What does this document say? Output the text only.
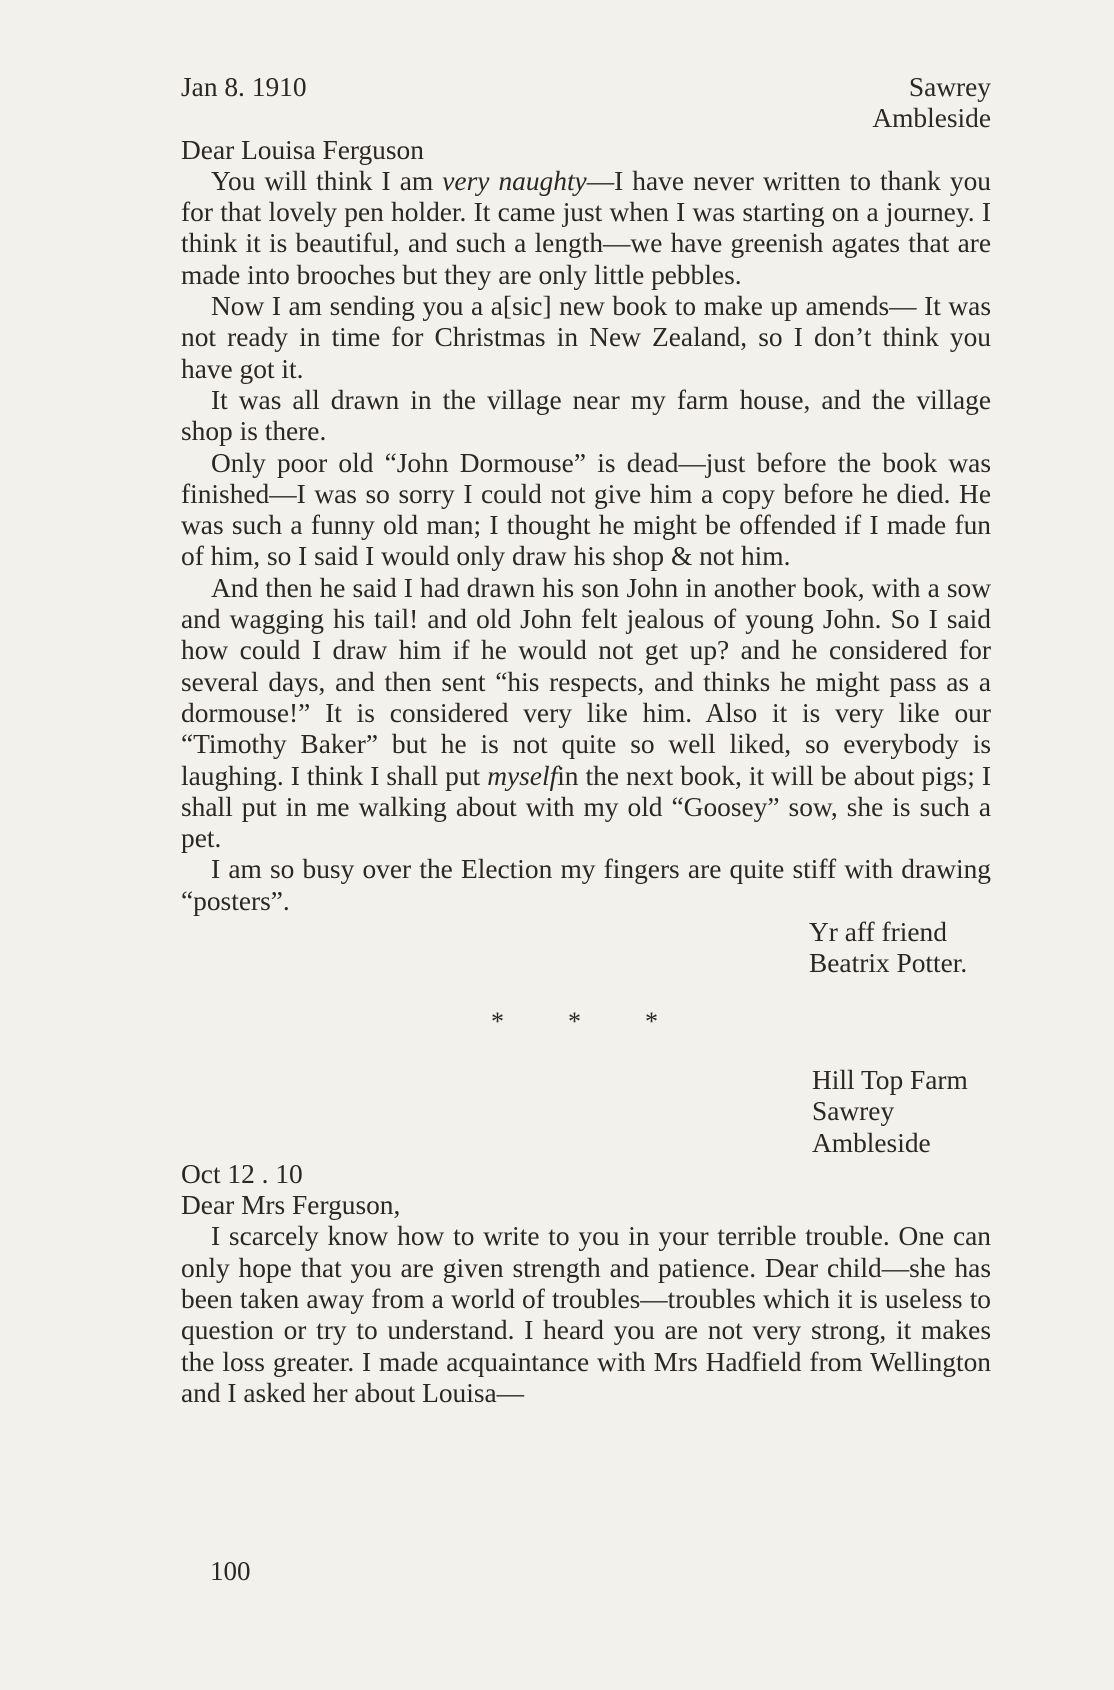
Jan 8. 1910	Sawrey
Ambleside
Dear Louisa Ferguson

You will think I am very naughty—I have never written to thank you for that lovely pen holder. It came just when I was starting on a journey. I think it is beautiful, and such a length—we have greenish agates that are made into brooches but they are only little pebbles.

Now I am sending you a a[sic] new book to make up amends— It was not ready in time for Christmas in New Zealand, so I don’t think you have got it.

It was all drawn in the village near my farm house, and the village shop is there.

Only poor old “John Dormouse” is dead—just before the book was finished—I was so sorry I could not give him a copy before he died. He was such a funny old man; I thought he might be offended if I made fun of him, so I said I would only draw his shop & not him.

And then he said I had drawn his son John in another book, with a sow and wagging his tail! and old John felt jealous of young John. So I said how could I draw him if he would not get up? and he considered for several days, and then sent “his respects, and thinks he might pass as a dormouse!” It is considered very like him. Also it is very like our “Timothy Baker” but he is not quite so well liked, so everybody is laughing. I think I shall put myselfin the next book, it will be about pigs; I shall put in me walking about with my old “Goosey” sow, she is such a pet.

I am so busy over the Election my fingers are quite stiff with drawing “posters”.

Yr aff friend
Beatrix Potter.
* * *
Hill Top Farm
Sawrey
Ambleside
Oct 12 . 10
Dear Mrs Ferguson,

I scarcely know how to write to you in your terrible trouble. One can only hope that you are given strength and patience. Dear child—she has been taken away from a world of troubles—troubles which it is useless to question or try to understand. I heard you are not very strong, it makes the loss greater. I made acquaintance with Mrs Hadfield from Wellington and I asked her about Louisa—

100
